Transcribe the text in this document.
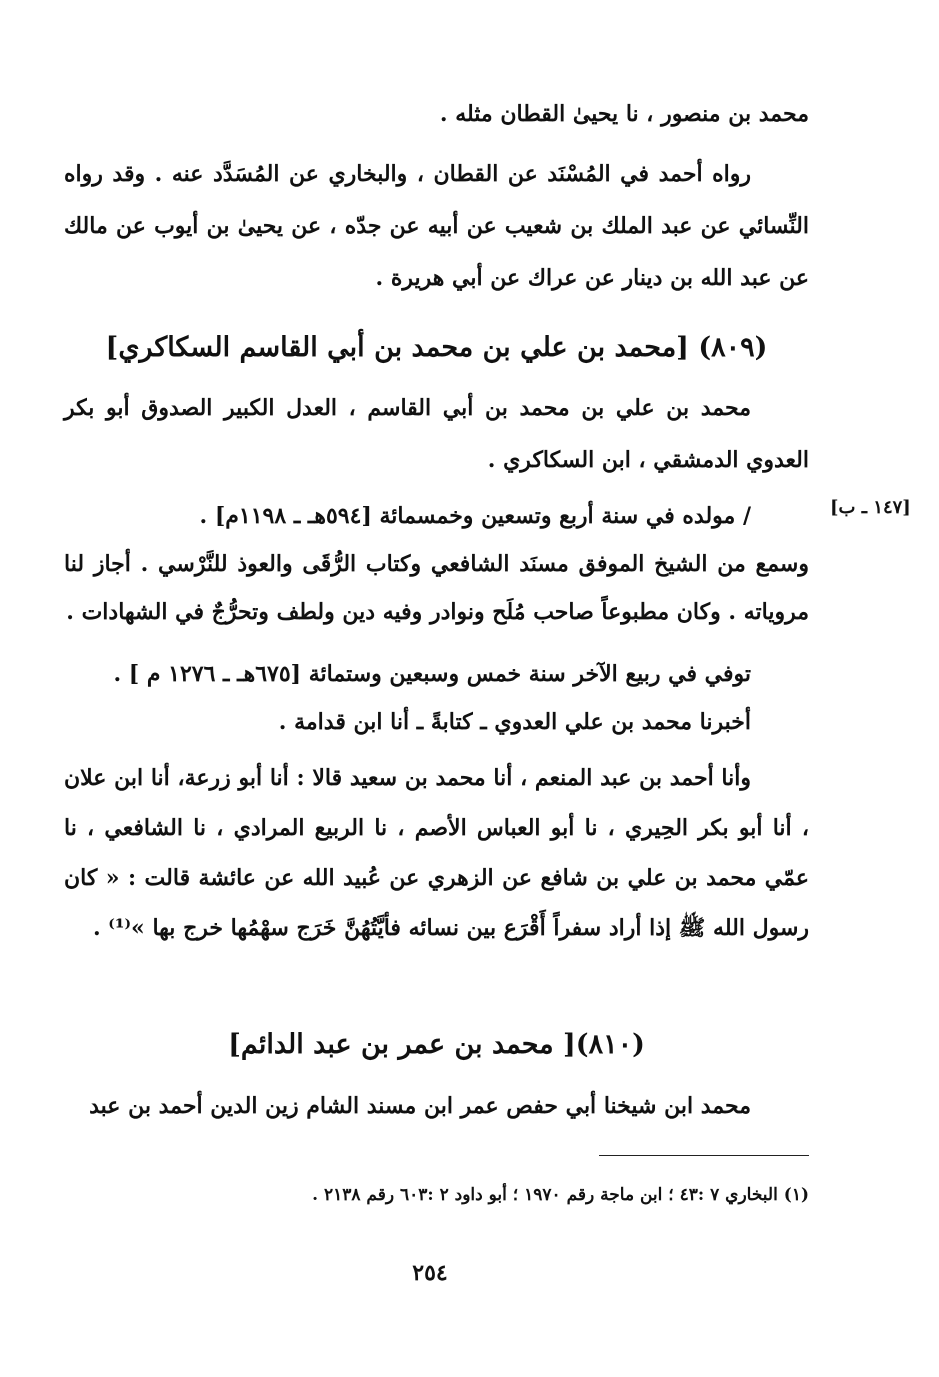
محمد بن منصور ، نا يحيىٰ القطان مثله .

رواه أحمد في المُسْنَد عن القطان ، والبخاري عن المُسَدَّد عنه . وقد رواه النِّسائي عن عبد الملك بن شعيب عن أبيه عن جدّه ، عن يحيىٰ بن أيوب عن مالك عن عبد الله بن دينار عن عراك عن أبي هريرة .

(٨٠٩) [محمد بن علي بن محمد بن أبي القاسم السكاكري]

محمد بن علي بن محمد بن أبي القاسم ، العدل الكبير الصدوق أبو بكر العدوي الدمشقي ، ابن السكاكري .

[١٤٧ ـ ب]

/ مولده في سنة أربع وتسعين وخمسمائة [٥٩٤هـ ـ ١١٩٨م] .

وسمع من الشيخ الموفق مسنَد الشافعي وكتاب الرُّقَى والعوذ للنَّرْسي . أجاز لنا مروياته . وكان مطبوعاً صاحب مُلَح ونوادر وفيه دين ولطف وتحرُّجٌ في الشهادات .

توفي في ربيع الآخر سنة خمس وسبعين وستمائة [٦٧٥هـ ـ ١٢٧٦ م ] .

أخبرنا محمد بن علي العدوي ـ كتابةً ـ أنا ابن قدامة .

وأنا أحمد بن عبد المنعم ، أنا محمد بن سعيد قالا : أنا أبو زرعة، أنا ابن علان ، أنا أبو بكر الحِيري ، نا أبو العباس الأصم ، نا الربيع المرادي ، نا الشافعي ، نا عمّي محمد بن علي بن شافع عن الزهري عن عُبيد الله عن عائشة قالت : « كان رسول الله ﷺ إذا أراد سفراً أَقْرَع بين نسائه فأيَّتُهُنَّ خَرَج سهْمُها خرج بها »⁽¹⁾ .

(٨١٠)[ محمد بن عمر بن عبد الدائم]

محمد ابن شيخنا أبي حفص عمر ابن مسند الشام زين الدين أحمد بن عبد

(١) البخاري ٧ :٤٣ ؛ ابن ماجة رقم ١٩٧٠ ؛ أبو داود ٢ :٦٠٣ رقم ٢١٣٨ .
٢٥٤
